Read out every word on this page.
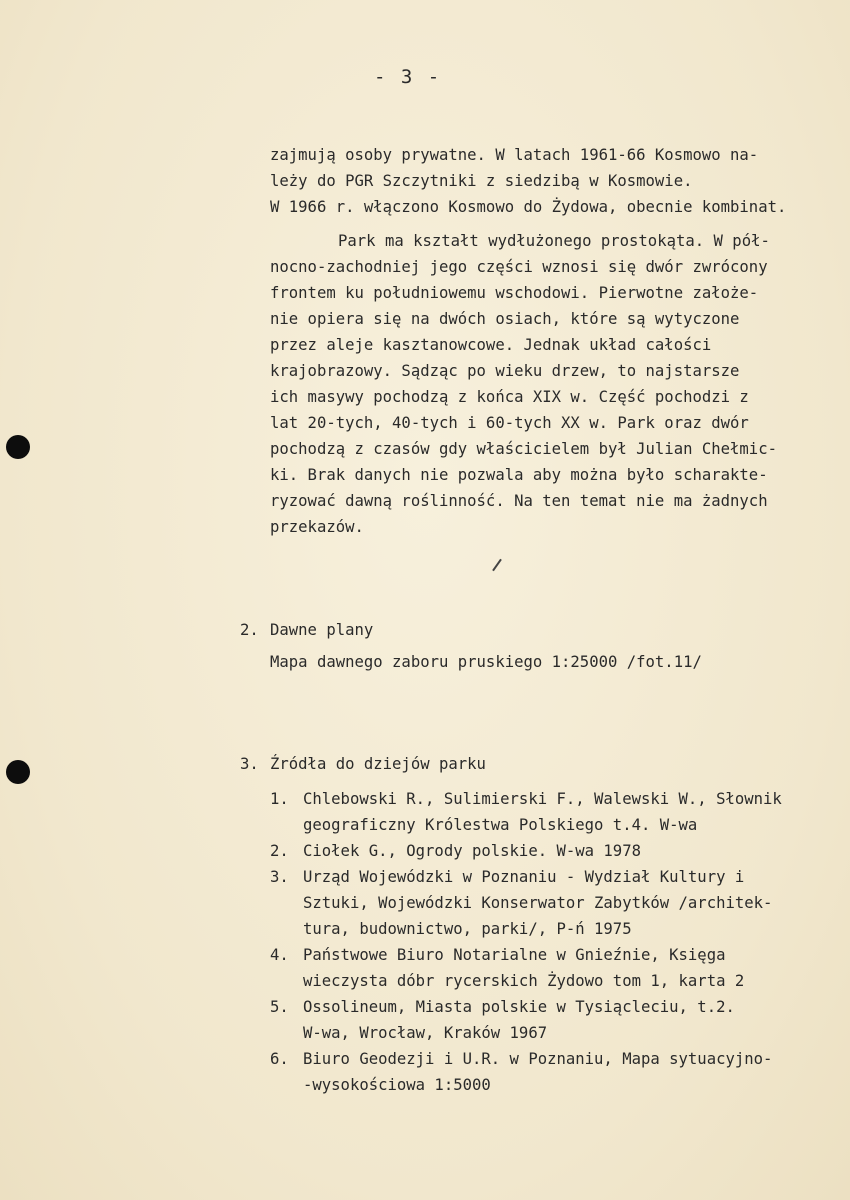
- 3 -
zajmują osoby prywatne. W latach 1961-66 Kosmowo na-
leży do PGR Szczytniki z siedzibą w Kosmowie.
W 1966 r. włączono Kosmowo do Żydowa, obecnie kombinat.
Park ma kształt wydłużonego prostokąta. W pół-
nocno-zachodniej jego części wznosi się dwór zwrócony
frontem ku południowemu wschodowi. Pierwotne założe-
nie opiera się na dwóch osiach, które są wytyczone
przez aleje kasztanowcowe. Jednak układ całości
krajobrazowy. Sądząc po wieku drzew, to najstarsze
ich masywy pochodzą z końca XIX w. Część pochodzi z
lat 20-tych, 40-tych i 60-tych XX w. Park oraz dwór
pochodzą z czasów gdy właścicielem był Julian Chełmic-
ki. Brak danych nie pozwala aby można było scharakte-
ryzować dawną roślinność. Na ten temat nie ma żadnych
przekazów.
2. Dawne plany
Mapa dawnego zaboru pruskiego 1:25000 /fot.11/
3. Źródła do dziejów parku
1. Chlebowski R., Sulimierski F., Walewski W., Słownik
geograficzny Królestwa Polskiego t.4. W-wa
2. Ciołek G., Ogrody polskie. W-wa 1978
3. Urząd Wojewódzki w Poznaniu - Wydział Kultury i
Sztuki, Wojewódzki Konserwator Zabytków /architek-
tura, budownictwo, parki/, P-ń 1975
4. Państwowe Biuro Notarialne w Gnieźnie, Księga
wieczysta dóbr rycerskich Żydowo tom 1, karta 2
5. Ossolineum, Miasta polskie w Tysiącleciu, t.2.
W-wa, Wrocław, Kraków 1967
6. Biuro Geodezji i U.R. w Poznaniu, Mapa sytuacyjno-
-wysokościowa 1:5000
